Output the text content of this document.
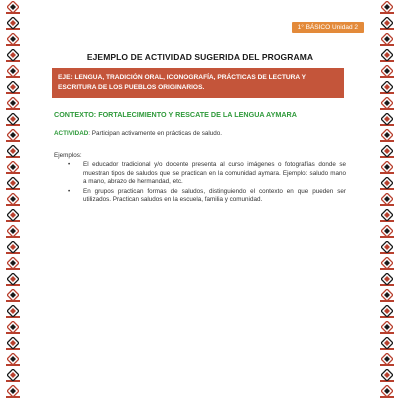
1° BÁSICO Unidad 2
EJEMPLO DE ACTIVIDAD SUGERIDA DEL PROGRAMA
EJE: LENGUA, TRADICIÓN ORAL, ICONOGRAFÍA, PRÁCTICAS DE LECTURA Y ESCRITURA DE LOS PUEBLOS ORIGINARIOS.
CONTEXTO: FORTALECIMIENTO Y RESCATE DE LA LENGUA AYMARA
ACTIVIDAD: Participan activamente en prácticas de saludo.
Ejemplos:
• El educador tradicional y/o docente presenta al curso imágenes o fotografías donde se muestran tipos de saludos que se practican en la comunidad aymara. Ejemplo: saludo mano a mano, abrazo de hermandad, etc.
• En grupos practican formas de saludos, distinguiendo el contexto en que pueden ser utilizados. Practican saludos en la escuela, familia y comunidad.
